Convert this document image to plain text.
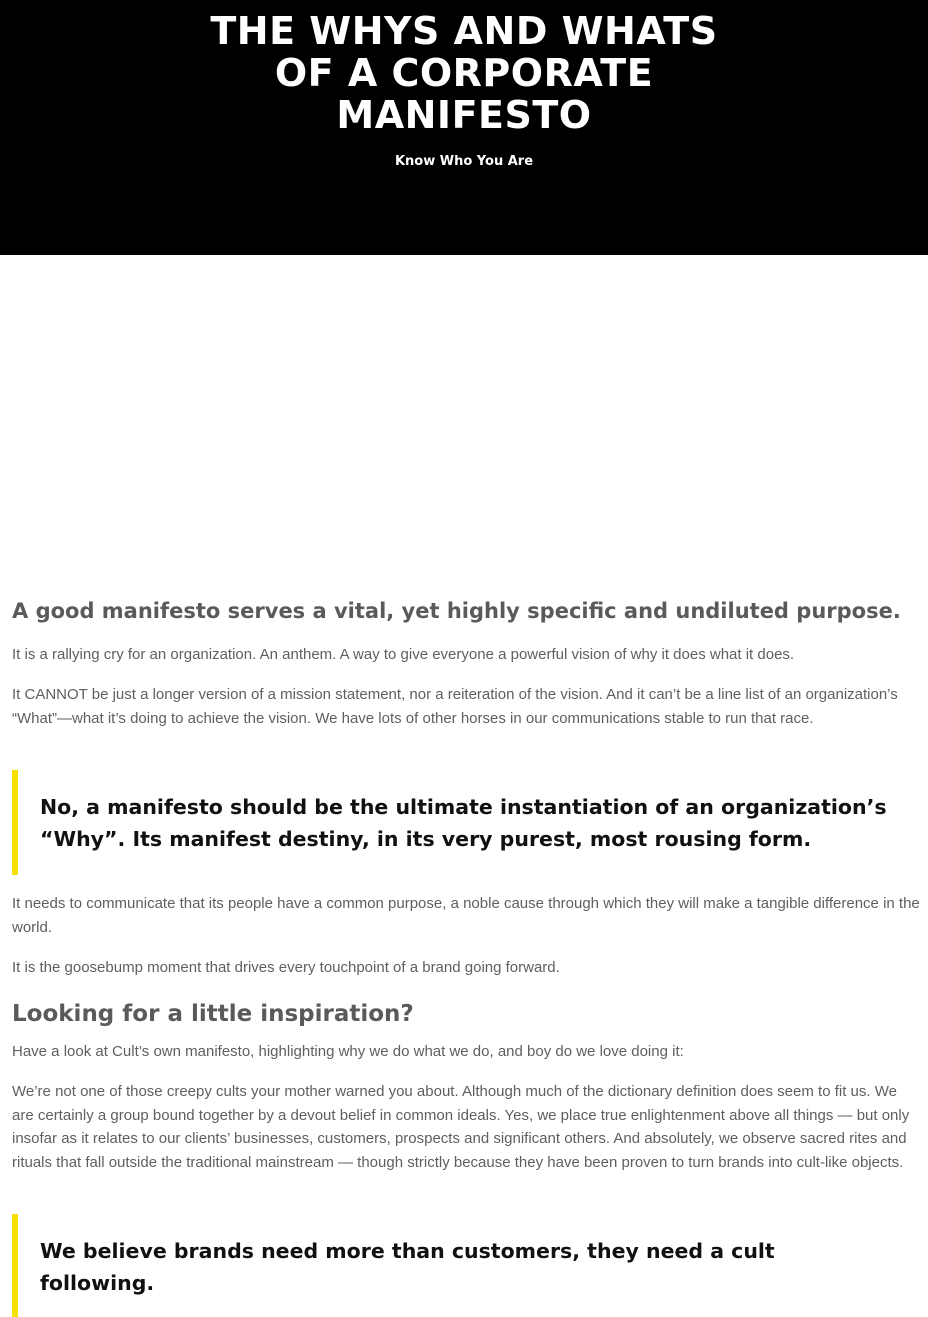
THE WHYS AND WHATS
OF A CORPORATE
MANIFESTO
Know Who You Are
A good manifesto serves a vital, yet highly specific and undiluted purpose.

It is a rallying cry for an organization. An anthem. A way to give everyone a powerful vision of why it does what it does.

It CANNOT be just a longer version of a mission statement, nor a reiteration of the vision. And it can’t be a line list of an organization’s “What”—what it’s doing to achieve the vision. We have lots of other horses in our communications stable to run that race.

No, a manifesto should be the ultimate instantiation of an organization’s “Why”. Its manifest destiny, in its very purest, most rousing form.

It needs to communicate that its people have a common purpose, a noble cause through which they will make a tangible difference in the world.

It is the goosebump moment that drives every touchpoint of a brand going forward.

Looking for a little inspiration?

Have a look at Cult’s own manifesto, highlighting why we do what we do, and boy do we love doing it:

We’re not one of those creepy cults your mother warned you about. Although much of the dictionary definition does seem to fit us. We are certainly a group bound together by a devout belief in common ideals. Yes, we place true enlightenment above all things — but only insofar as it relates to our clients’ businesses, customers, prospects and significant others. And absolutely, we observe sacred rites and rituals that fall outside the traditional mainstream — though strictly because they have been proven to turn brands into cult-like objects.

We believe brands need more than customers, they need a cult following.
